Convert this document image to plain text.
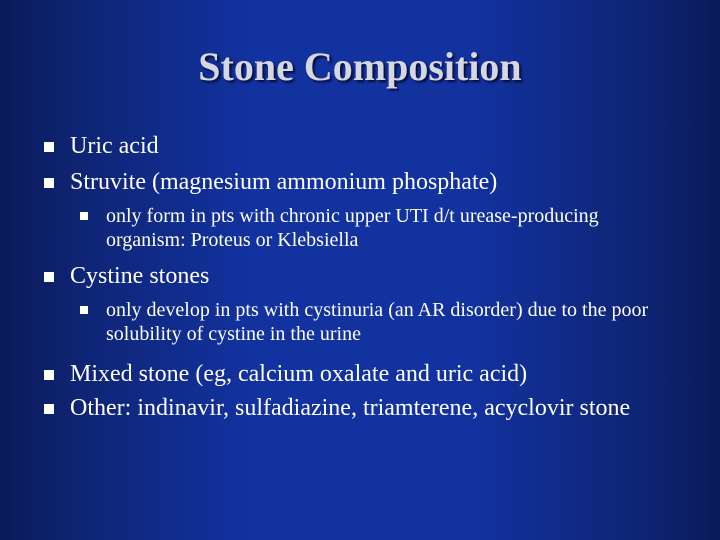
Stone Composition
Uric acid
Struvite (magnesium ammonium phosphate)
only form in pts with chronic upper UTI d/t urease-producing organism: Proteus or Klebsiella
Cystine stones
only develop in pts with cystinuria (an AR disorder) due to the poor solubility of cystine in the urine
Mixed stone (eg, calcium oxalate and uric acid)
Other: indinavir, sulfadiazine, triamterene, acyclovir stone
